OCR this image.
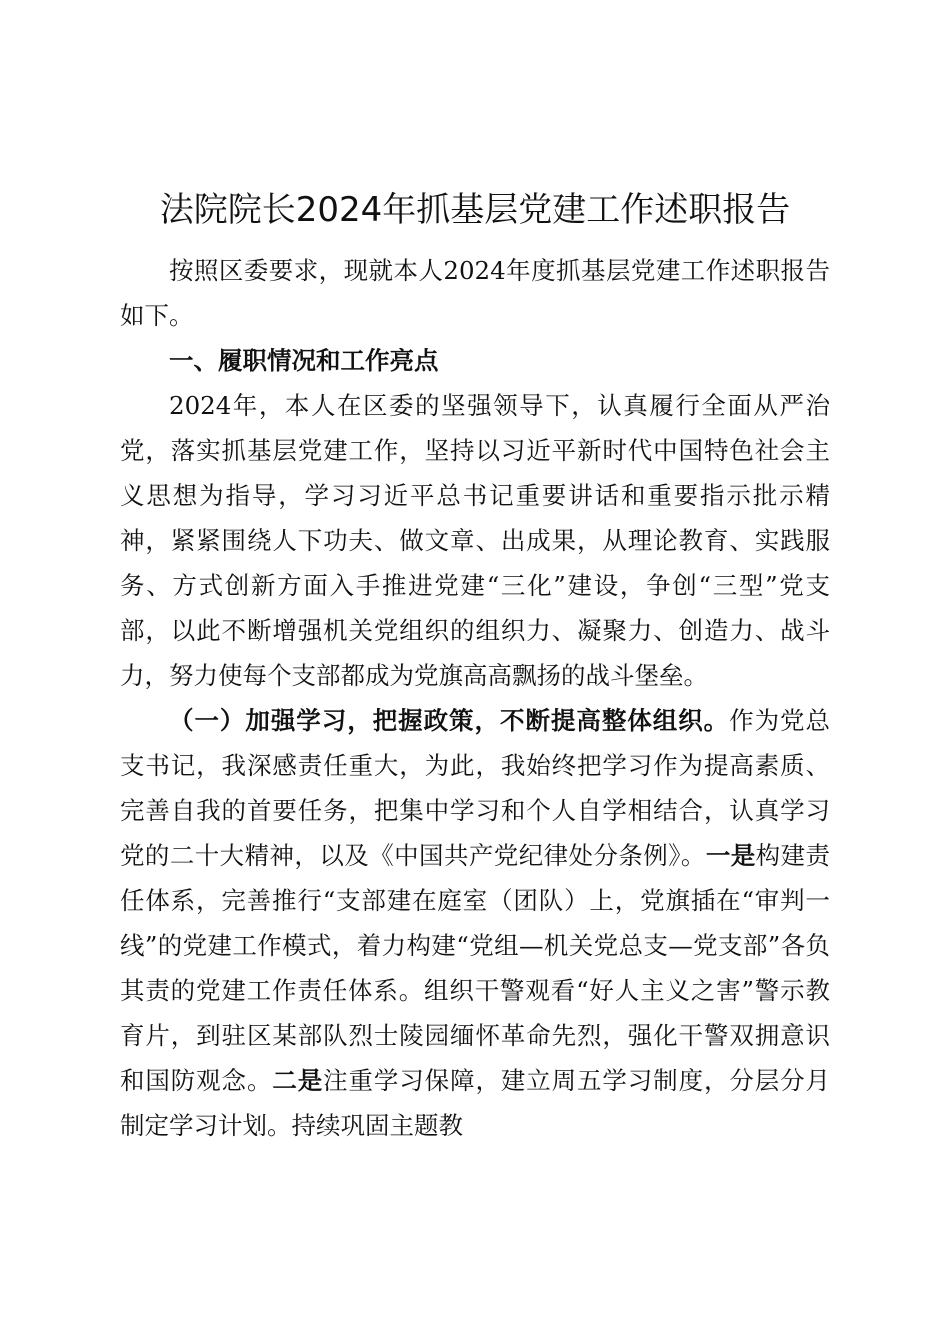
法院院长2024年抓基层党建工作述职报告

按照区委要求，现就本人2024年度抓基层党建工作述职报告如下。

一、履职情况和工作亮点

2024年，本人在区委的坚强领导下，认真履行全面从严治党，落实抓基层党建工作，坚持以习近平新时代中国特色社会主义思想为指导，学习习近平总书记重要讲话和重要指示批示精神，紧紧围绕人下功夫、做文章、出成果，从理论教育、实践服务、方式创新方面入手推进党建“三化”建设，争创“三型”党支部，以此不断增强机关党组织的组织力、凝聚力、创造力、战斗力，努力使每个支部都成为党旗高高飘扬的战斗堡垒。

（一）加强学习，把握政策，不断提高整体组织。作为党总支书记，我深感责任重大，为此，我始终把学习作为提高素质、完善自我的首要任务，把集中学习和个人自学相结合，认真学习党的二十大精神，以及《中国共产党纪律处分条例》。一是构建责任体系，完善推行“支部建在庭室（团队）上，党旗插在“审判一线”的党建工作模式，着力构建“党组—机关党总支—党支部”各负其责的党建工作责任体系。组织干警观看“好人主义之害”警示教育片，到驻区某部队烈士陵园缅怀革命先烈，强化干警双拥意识和国防观念。二是注重学习保障，建立周五学习制度，分层分月制定学习计划。持续巩固主题教
